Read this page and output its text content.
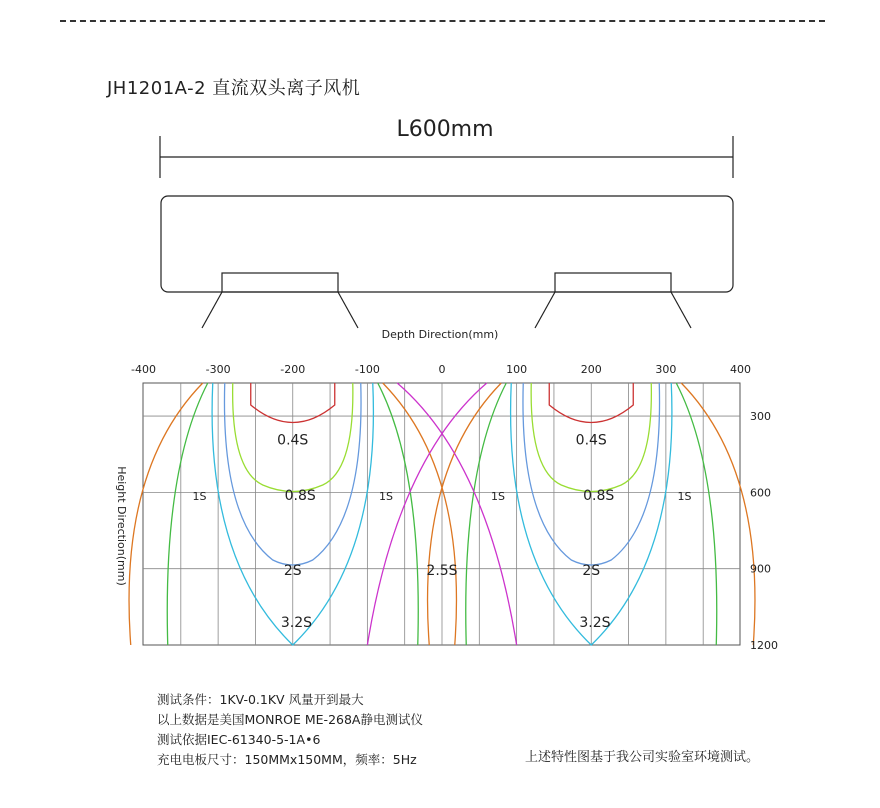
JH1201A-2 直流双头离子风机
L600mm
Depth Direction(mm)
Height Direction(mm)
-400	-300	-200	-100	0	100	200	300	400
300
600
900
1200
0.4S	0.4S
0.8S	0.8S
1S	1S	1S	1S
2S	2.5S	2S
3.2S	3.2S
测试条件：1KV-0.1KV 风量开到最大
以上数据是美国MONROE ME-268A静电测试仪
测试依据IEC-61340-5-1A•6
充电电板尺寸：150MMx150MM，频率：5Hz	上述特性图基于我公司实验室环境测试。
